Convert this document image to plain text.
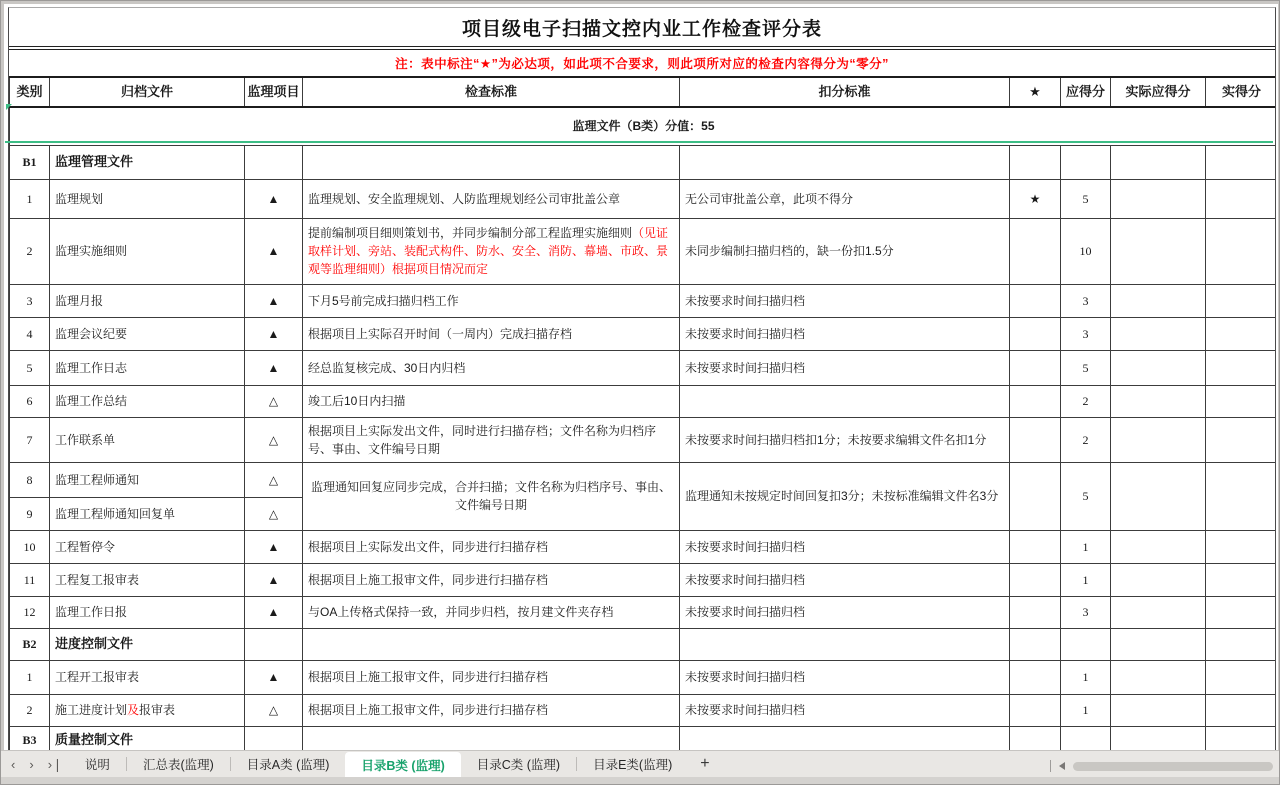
项目级电子扫描文控内业工作检查评分表
注：表中标注“★”为必达项，如此项不合要求，则此项所对应的检查内容得分为“零分”
类别	归档文件	监理项目	检查标准	扣分标准	★	应得分	实际应得分	实得分
监理文件（B类）分值：55								
B1	监理管理文件							
1	监理规划	▲	监理规划、安全监理规划、人防监理规划经公司审批盖公章	无公司审批盖公章，此项不得分	★	5		
2	监理实施细则	▲	提前编制项目细则策划书，并同步编制分部工程监理实施细则（见证取样计划、旁站、装配式构件、防水、安全、消防、幕墙、市政、景观等监理细则）根据项目情况而定	未同步编制扫描归档的，缺一份扣1.5分		10		
3	监理月报	▲	下月5号前完成扫描归档工作	未按要求时间扫描归档		3		
4	监理会议纪要	▲	根据项目上实际召开时间（一周内）完成扫描存档	未按要求时间扫描归档		3		
5	监理工作日志	▲	经总监复核完成、30日内归档	未按要求时间扫描归档		5		
6	监理工作总结	△	竣工后10日内扫描			2		
7	工作联系单	△	根据项目上实际发出文件，同时进行扫描存档；文件名称为归档序号、事由、文件编号日期	未按要求时间扫描归档扣1分；未按要求编辑文件名扣1分		2		
8	监理工程师通知	△	监理通知回复应同步完成，合并扫描；文件名称为归档序号、事由、文件编号日期	监理通知未按规定时间回复扣3分；未按标准编辑文件名3分		5		
9	监理工程师通知回复单	△						
10	工程暂停令	▲	根据项目上实际发出文件，同步进行扫描存档	未按要求时间扫描归档		1		
11	工程复工报审表	▲	根据项目上施工报审文件，同步进行扫描存档	未按要求时间扫描归档		1		
12	监理工作日报	▲	与OA上传格式保持一致，并同步归档，按月建文件夹存档	未按要求时间扫描归档		3		
B2	进度控制文件							
1	工程开工报审表	▲	根据项目上施工报审文件，同步进行扫描存档	未按要求时间扫描归档		1		
2	施工进度计划及报审表	△	根据项目上施工报审文件，同步进行扫描存档	未按要求时间扫描归档		1		
B3	质量控制文件							
‹ › ›❘	说明	汇总表(监理)	目录A类 (监理)	目录B类 (监理)	目录C类 (监理)	目录E类(监理)	+
